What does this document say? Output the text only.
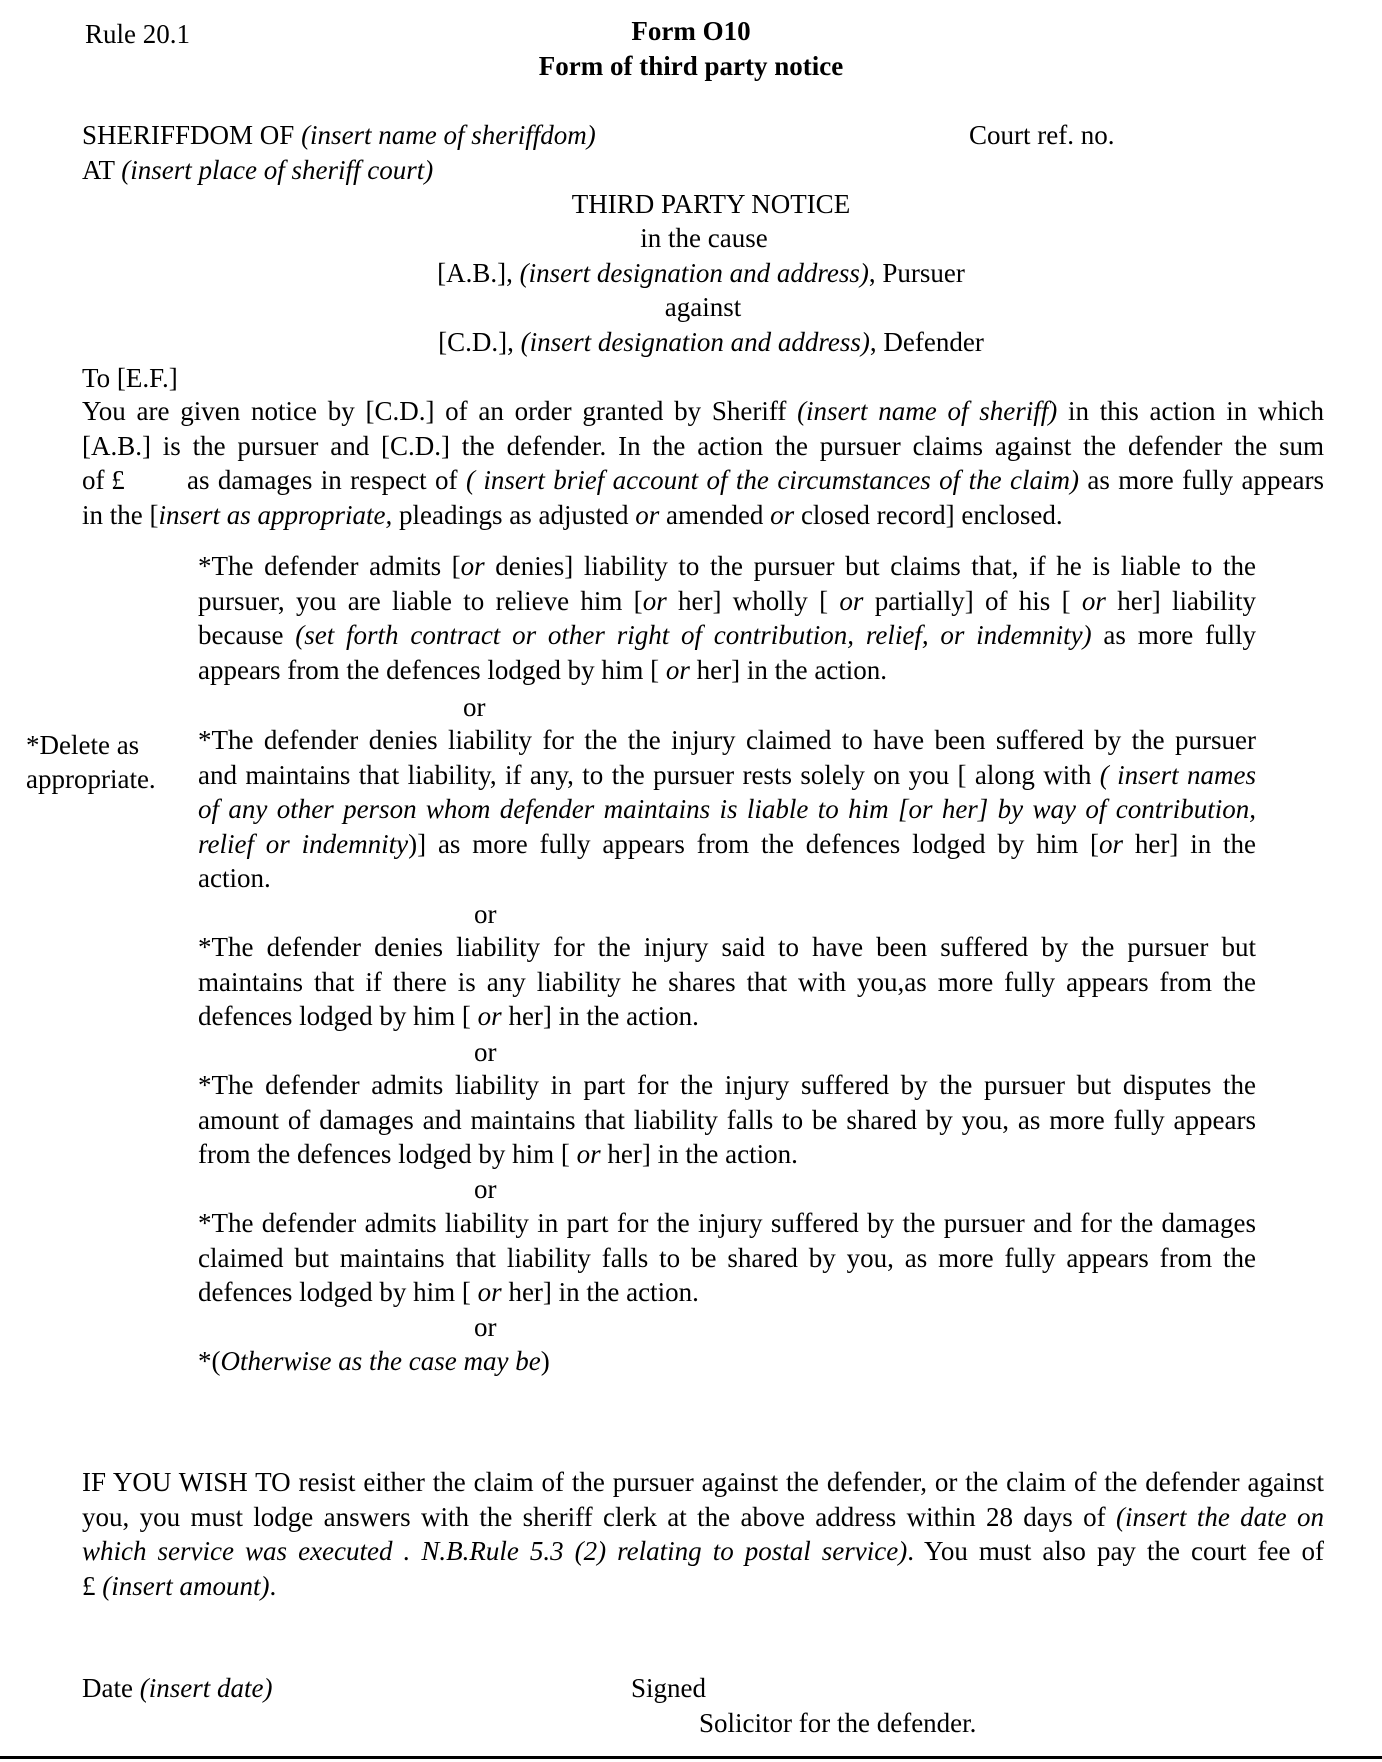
Rule 20.1	Form O10
Form of third party notice
SHERIFFDOM OF (insert name of sheriffdom)	Court ref. no.
AT (insert place of sheriff court)
THIRD PARTY NOTICE
in the cause
[A.B.], (insert designation and address), Pursuer
against
[C.D.], (insert designation and address), Defender
To [E.F.]
You are given notice by [C.D.] of an order granted by Sheriff (insert name of sheriff) in this action in which
[A.B.] is the pursuer and [C.D.] the defender. In the action the pursuer claims against the defender the sum
of £ as damages in respect of ( insert brief account of the circumstances of the claim) as more fully appears
in the [insert as appropriate, pleadings as adjusted or amended or closed record] enclosed.
*The defender admits [or denies] liability to the pursuer but claims that, if he is liable to the
pursuer, you are liable to relieve him [or her] wholly [ or partially] of his [ or her] liability
because (set forth contract or other right of contribution, relief, or indemnity) as more fully
appears from the defences lodged by him [ or her] in the action.
or
*Delete as
appropriate.
*The defender denies liability for the the injury claimed to have been suffered by the pursuer
and maintains that liability, if any, to the pursuer rests solely on you [ along with ( insert names
of any other person whom defender maintains is liable to him [or her] by way of contribution,
relief or indemnity)] as more fully appears from the defences lodged by him [or her] in the
action.
or
*The defender denies liability for the injury said to have been suffered by the pursuer but
maintains that if there is any liability he shares that with you,as more fully appears from the
defences lodged by him [ or her] in the action.
or
*The defender admits liability in part for the injury suffered by the pursuer but disputes the
amount of damages and maintains that liability falls to be shared by you, as more fully appears
from the defences lodged by him [ or her] in the action.
or
*The defender admits liability in part for the injury suffered by the pursuer and for the damages
claimed but maintains that liability falls to be shared by you, as more fully appears from the
defences lodged by him [ or her] in the action.
or
*(Otherwise as the case may be)
IF YOU WISH TO resist either the claim of the pursuer against the defender, or the claim of the defender against
you, you must lodge answers with the sheriff clerk at the above address within 28 days of (insert the date on
which service was executed . N.B.Rule 5.3 (2) relating to postal service). You must also pay the court fee of
£ (insert amount).
Date (insert date)	Signed
Solicitor for the defender.
